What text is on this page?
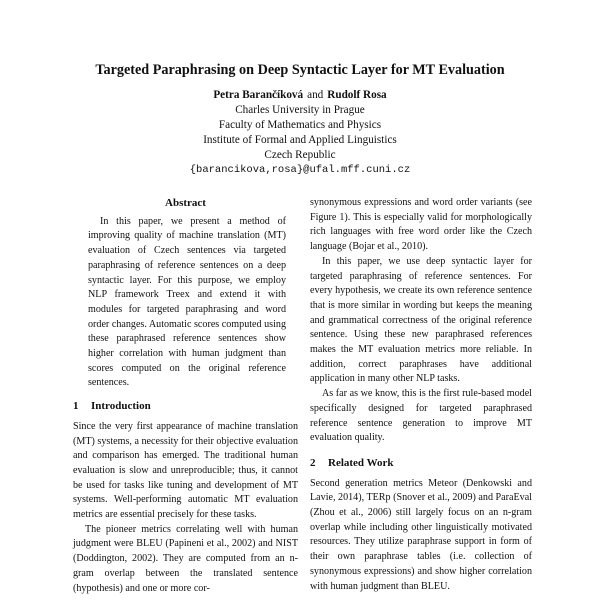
Targeted Paraphrasing on Deep Syntactic Layer for MT Evaluation
Petra Barančíková and Rudolf Rosa
Charles University in Prague
Faculty of Mathematics and Physics
Institute of Formal and Applied Linguistics
Czech Republic
{barancikova,rosa}@ufal.mff.cuni.cz
Abstract

In this paper, we present a method of improving quality of machine translation (MT) evaluation of Czech sentences via targeted paraphrasing of reference sentences on a deep syntactic layer. For this purpose, we employ NLP framework Treex and extend it with modules for targeted paraphrasing and word order changes. Automatic scores computed using these paraphrased reference sentences show higher correlation with human judgment than scores computed on the original reference sentences.

1 Introduction

Since the very first appearance of machine translation (MT) systems, a necessity for their objective evaluation and comparison has emerged. The traditional human evaluation is slow and unreproducible; thus, it cannot be used for tasks like tuning and development of MT systems. Well-performing automatic MT evaluation metrics are essential precisely for these tasks.

The pioneer metrics correlating well with human judgment were BLEU (Papineni et al., 2002) and NIST (Doddington, 2002). They are computed from an n-gram overlap between the translated sentence (hypothesis) and one or more cor-

synonymous expressions and word order variants (see Figure 1). This is especially valid for morphologically rich languages with free word order like the Czech language (Bojar et al., 2010).

In this paper, we use deep syntactic layer for targeted paraphrasing of reference sentences. For every hypothesis, we create its own reference sentence that is more similar in wording but keeps the meaning and grammatical correctness of the original reference sentence. Using these new paraphrased references makes the MT evaluation metrics more reliable. In addition, correct paraphrases have additional application in many other NLP tasks.

As far as we know, this is the first rule-based model specifically designed for targeted paraphrased reference sentence generation to improve MT evaluation quality.

2 Related Work

Second generation metrics Meteor (Denkowski and Lavie, 2014), TERp (Snover et al., 2009) and ParaEval (Zhou et al., 2006) still largely focus on an n-gram overlap while including other linguistically motivated resources. They utilize paraphrase support in form of their own paraphrase tables (i.e. collection of synonymous expressions) and show higher correlation with human judgment than BLEU.
